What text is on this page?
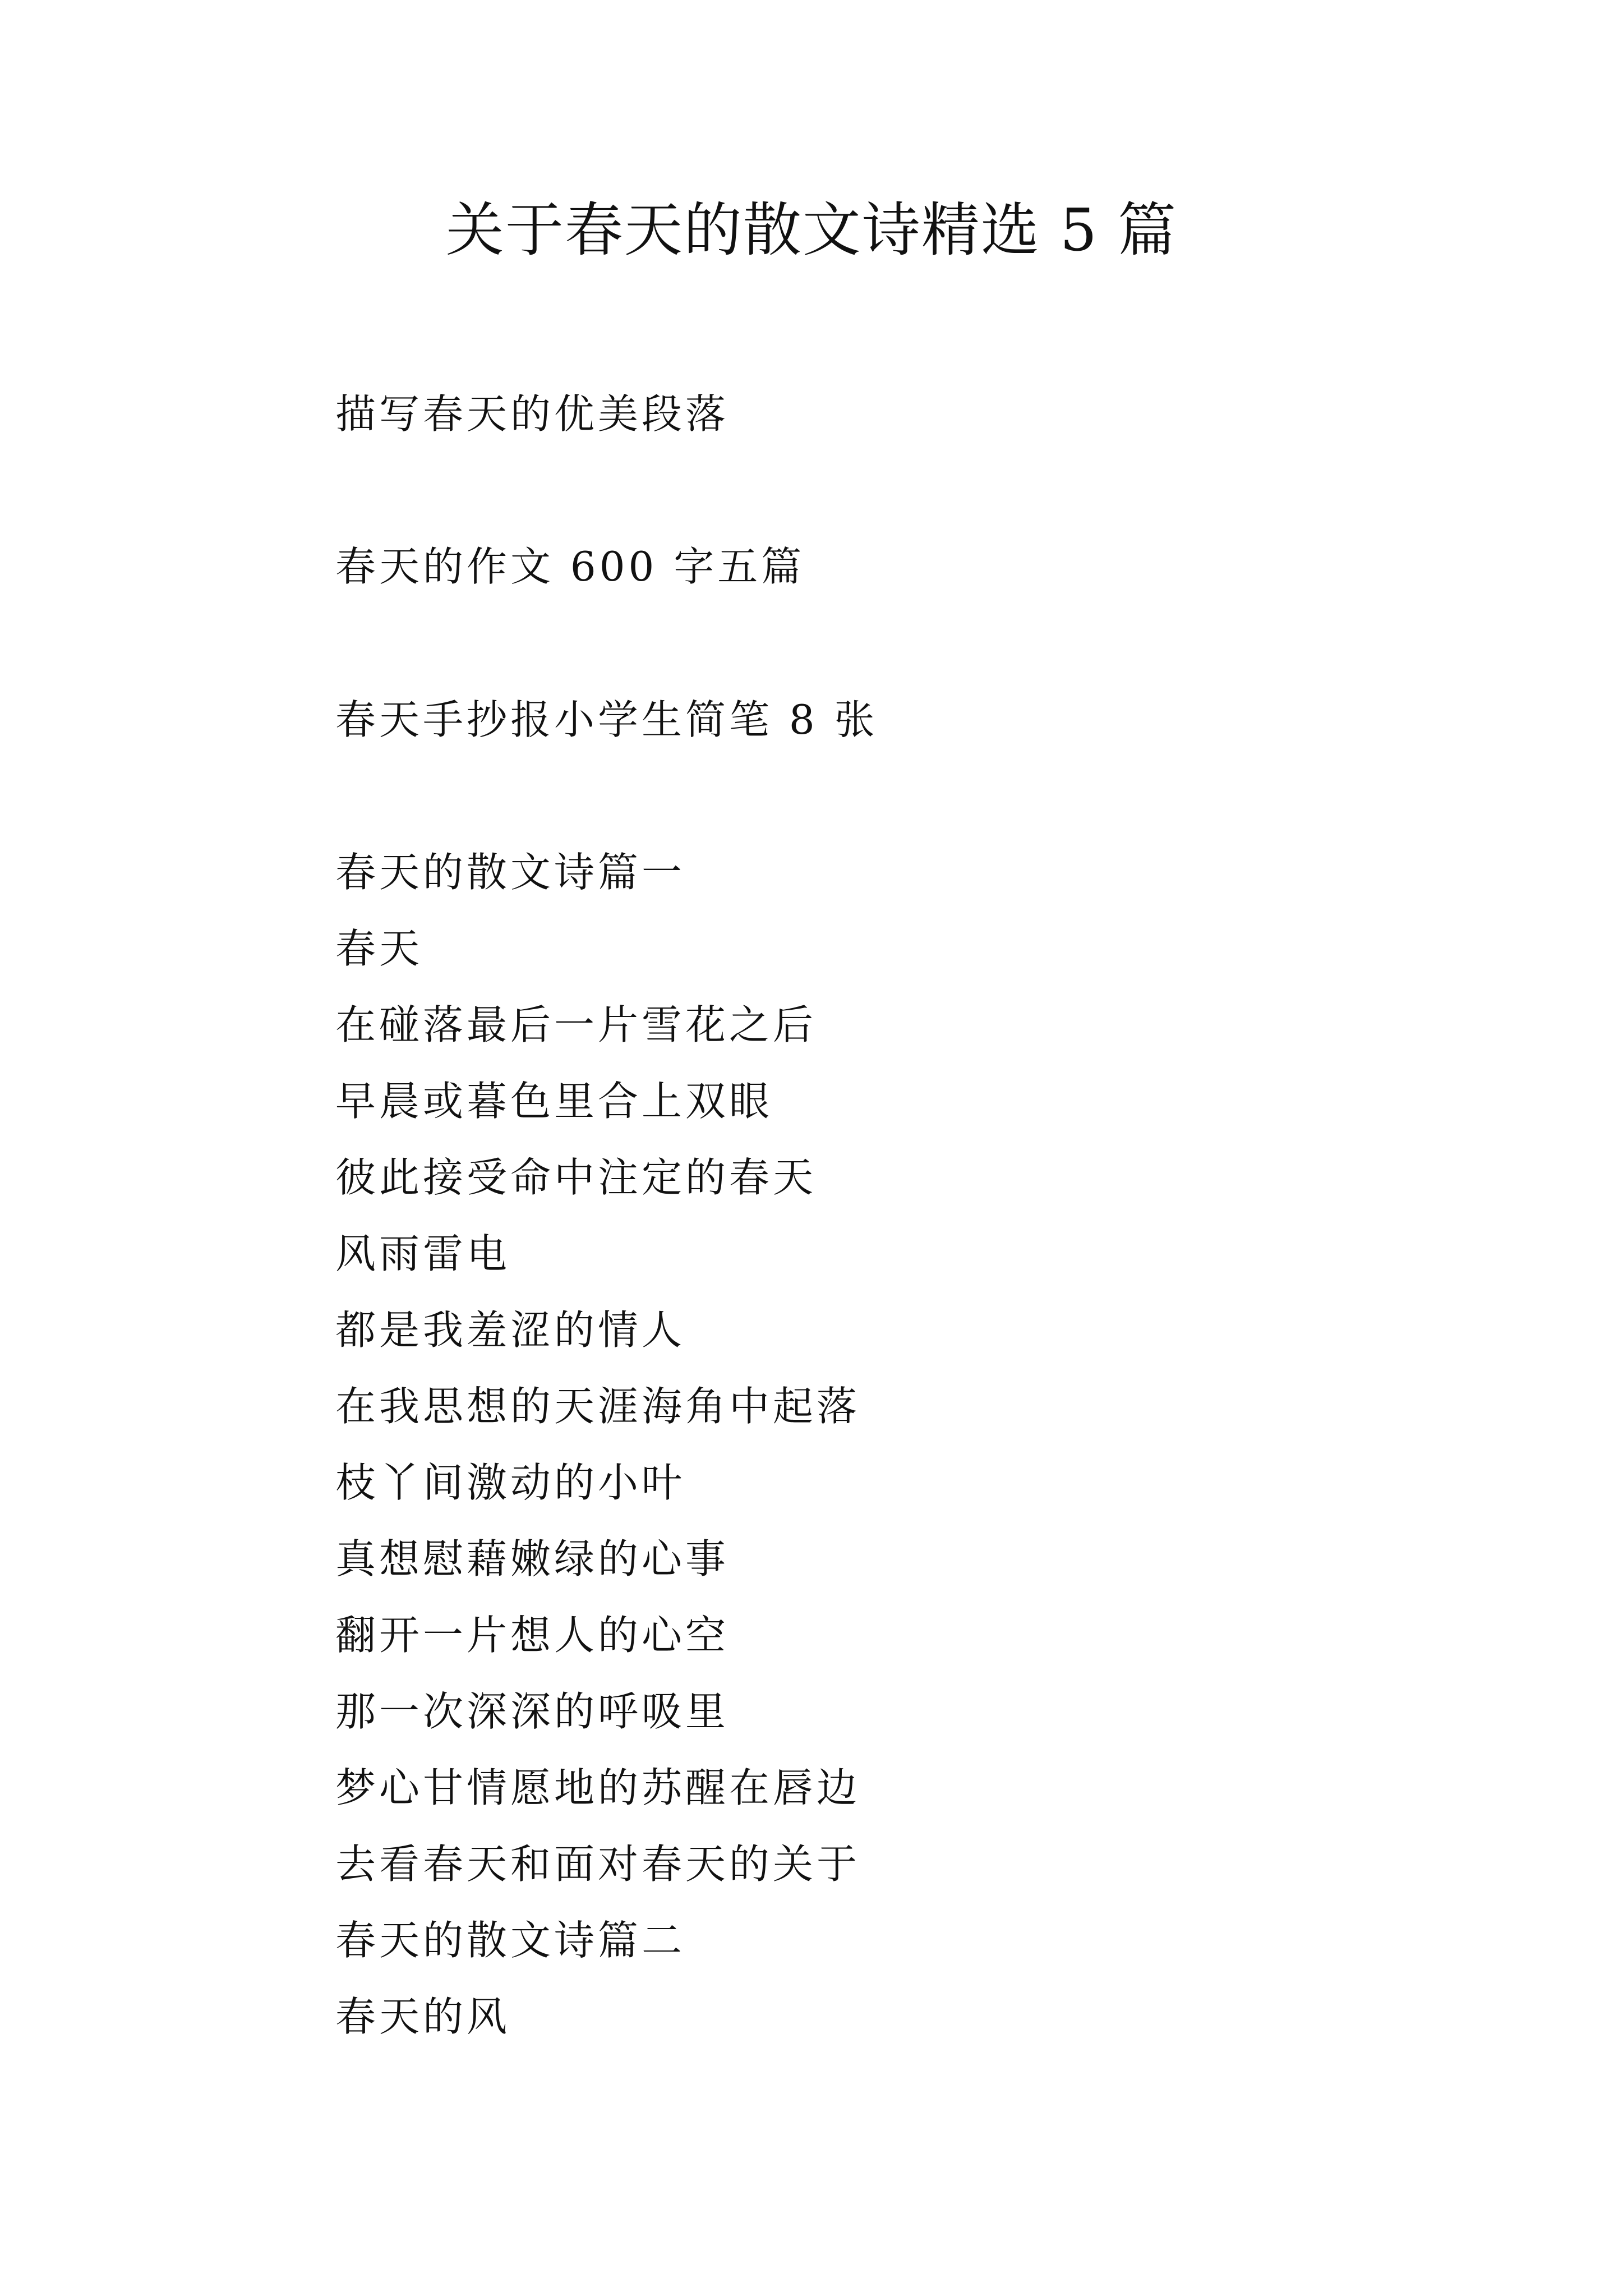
关于春天的散文诗精选 5 篇
描写春天的优美段落
春天的作文 600 字五篇
春天手抄报小学生简笔 8 张
春天的散文诗篇一
春天
在碰落最后一片雪花之后
早晨或暮色里合上双眼
彼此接受命中注定的春天
风雨雷电
都是我羞涩的情人
在我思想的天涯海角中起落
枝丫间激动的小叶
真想慰藉嫩绿的心事
翻开一片想人的心空
那一次深深的呼吸里
梦心甘情愿地的苏醒在唇边
去看春天和面对春天的关于
春天的散文诗篇二
春天的风
